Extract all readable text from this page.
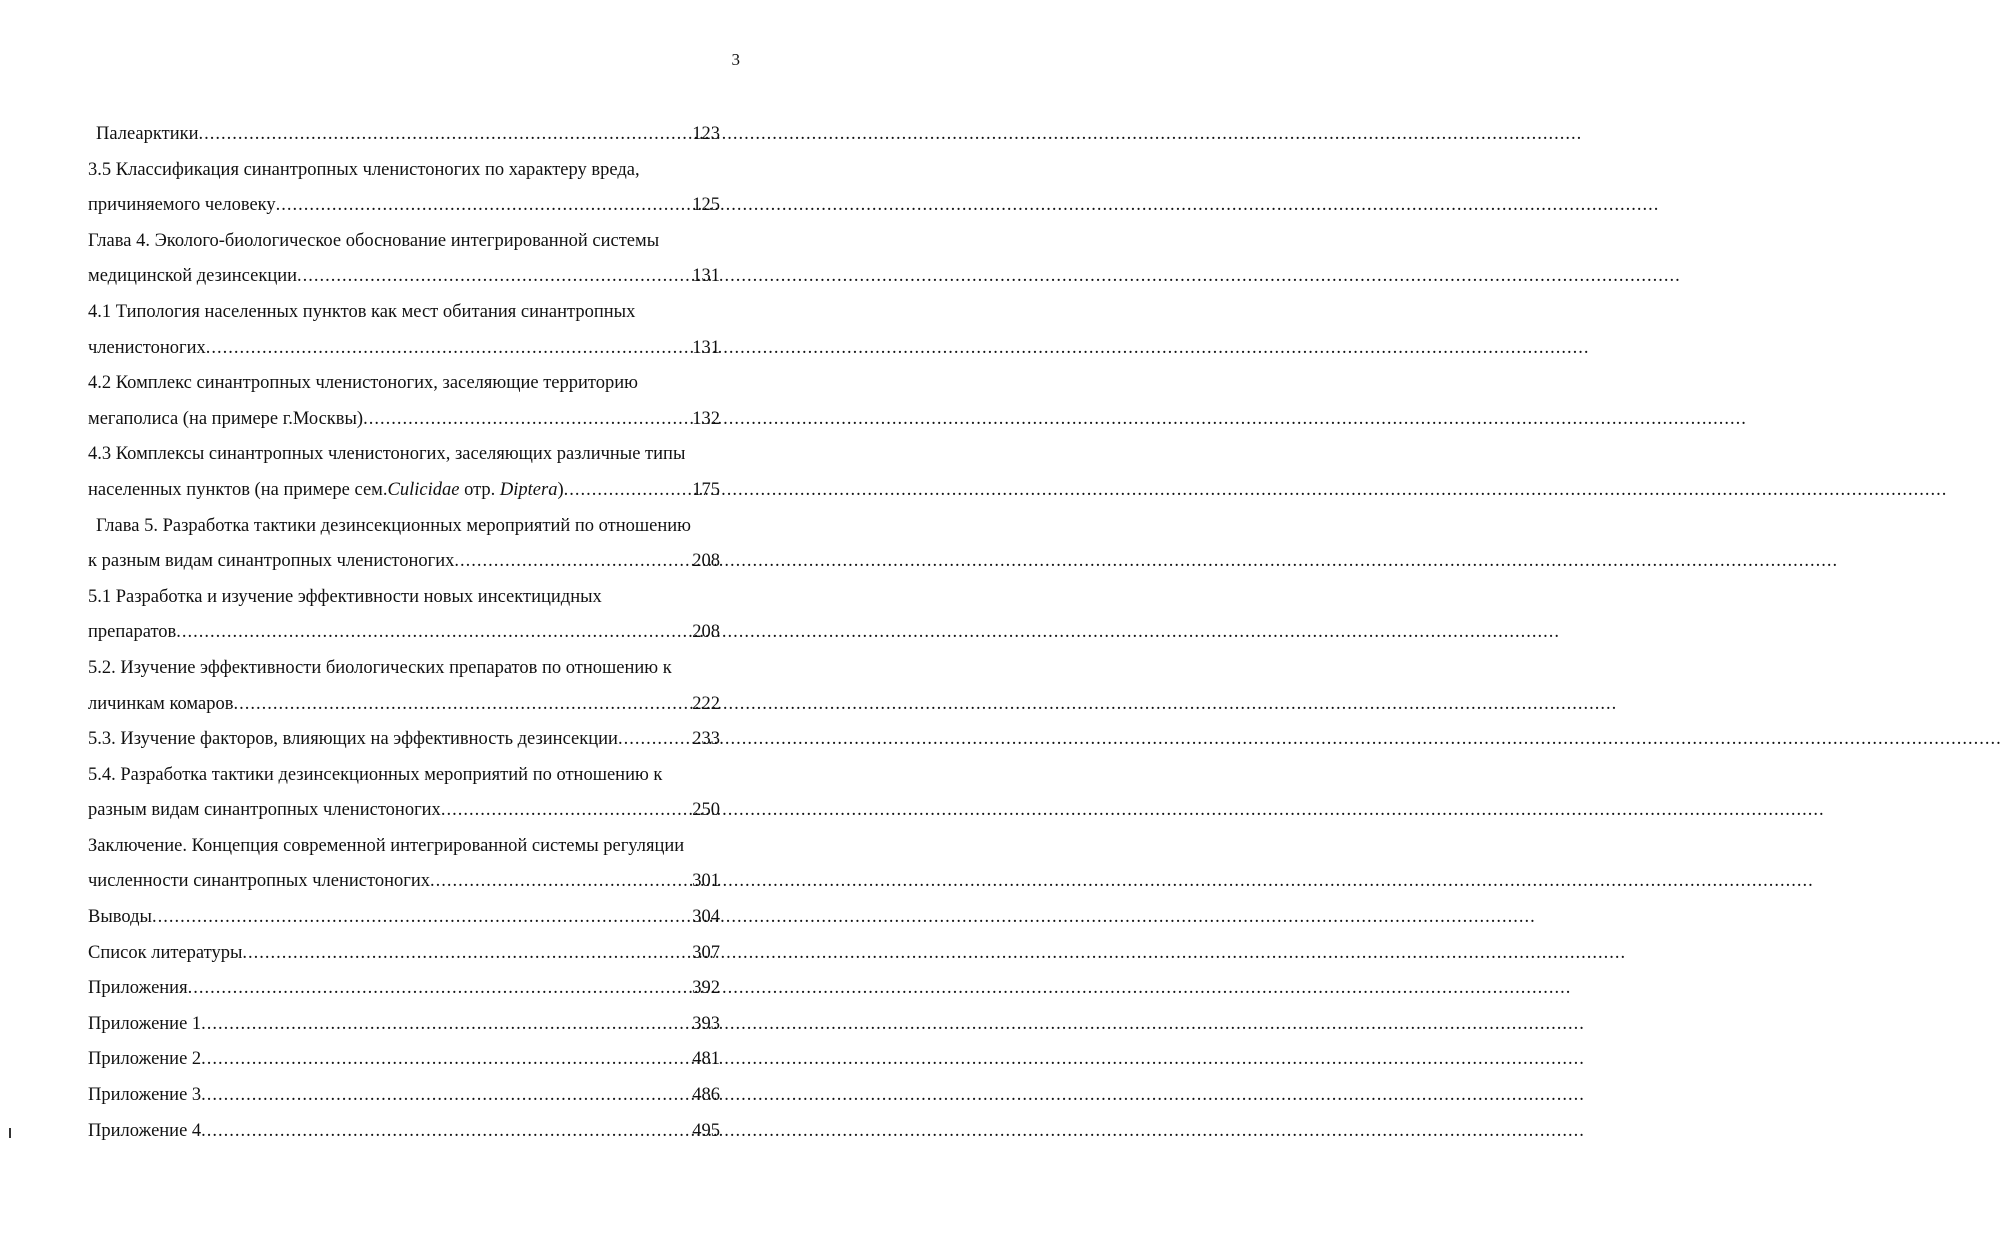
3
Палеарктики .....	123
3.5 Классификация синантропных членистоногих по характеру вреда,
причиняемого человеку .....	125
Глава 4. Эколого-биологическое обоснование интегрированной системы
медицинской дезинсекции .....	131
4.1 Типология населенных пунктов как мест обитания синантропных
членистоногих .....	131
4.2 Комплекс синантропных членистоногих, заселяющие территорию
мегаполиса (на примере г.Москвы) .....	132
4.3 Комплексы синантропных членистоногих, заселяющих различные типы
населенных пунктов (на примере сем.Culicidae отр. Diptera) .....	175
Глава 5. Разработка тактики дезинсекционных мероприятий по отношению
к разным видам синантропных членистоногих .....	208
5.1 Разработка и изучение эффективности новых инсектицидных
препаратов .....	208
5.2. Изучение эффективности биологических препаратов по отношению к
личинкам комаров .....	222
5.3. Изучение факторов, влияющих на эффективность дезинсекции .....	233
5.4. Разработка тактики дезинсекционных мероприятий по отношению к
разным видам синантропных членистоногих .....	250
Заключение. Концепция современной интегрированной системы регуляции
численности синантропных членистоногих .....	301
Выводы .....	304
Список литературы .....	307
Приложения .....	392
Приложение 1 .....	393
Приложение 2 .....	481
Приложение 3 .....	486
Приложение 4 .....	495
